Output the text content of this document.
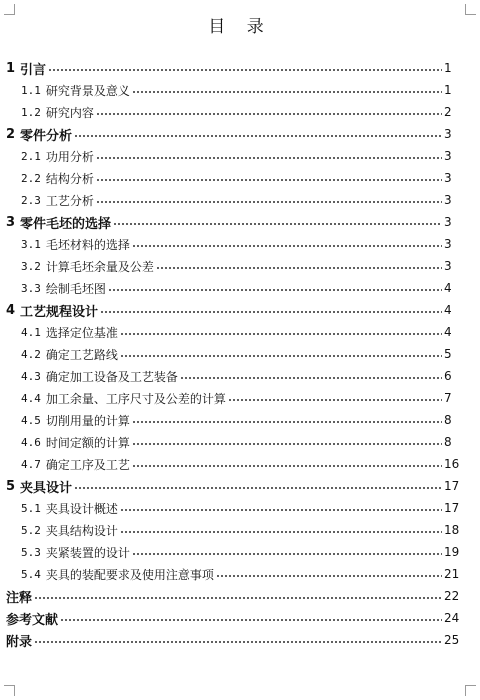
目 录
1 引言	1
1.1 研究背景及意义	1
1.2 研究内容	2
2 零件分析	3
2.1 功用分析	3
2.2 结构分析	3
2.3 工艺分析	3
3 零件毛坯的选择	3
3.1 毛坯材料的选择	3
3.2 计算毛坯余量及公差	3
3.3 绘制毛坯图	4
4 工艺规程设计	4
4.1 选择定位基准	4
4.2 确定工艺路线	5
4.3 确定加工设备及工艺装备	6
4.4 加工余量、工序尺寸及公差的计算	7
4.5 切削用量的计算	8
4.6 时间定额的计算	8
4.7 确定工序及工艺	16
5 夹具设计	17
5.1 夹具设计概述	17
5.2 夹具结构设计	18
5.3 夹紧装置的设计	19
5.4 夹具的装配要求及使用注意事项	21
注释	22
参考文献	24
附录	25
